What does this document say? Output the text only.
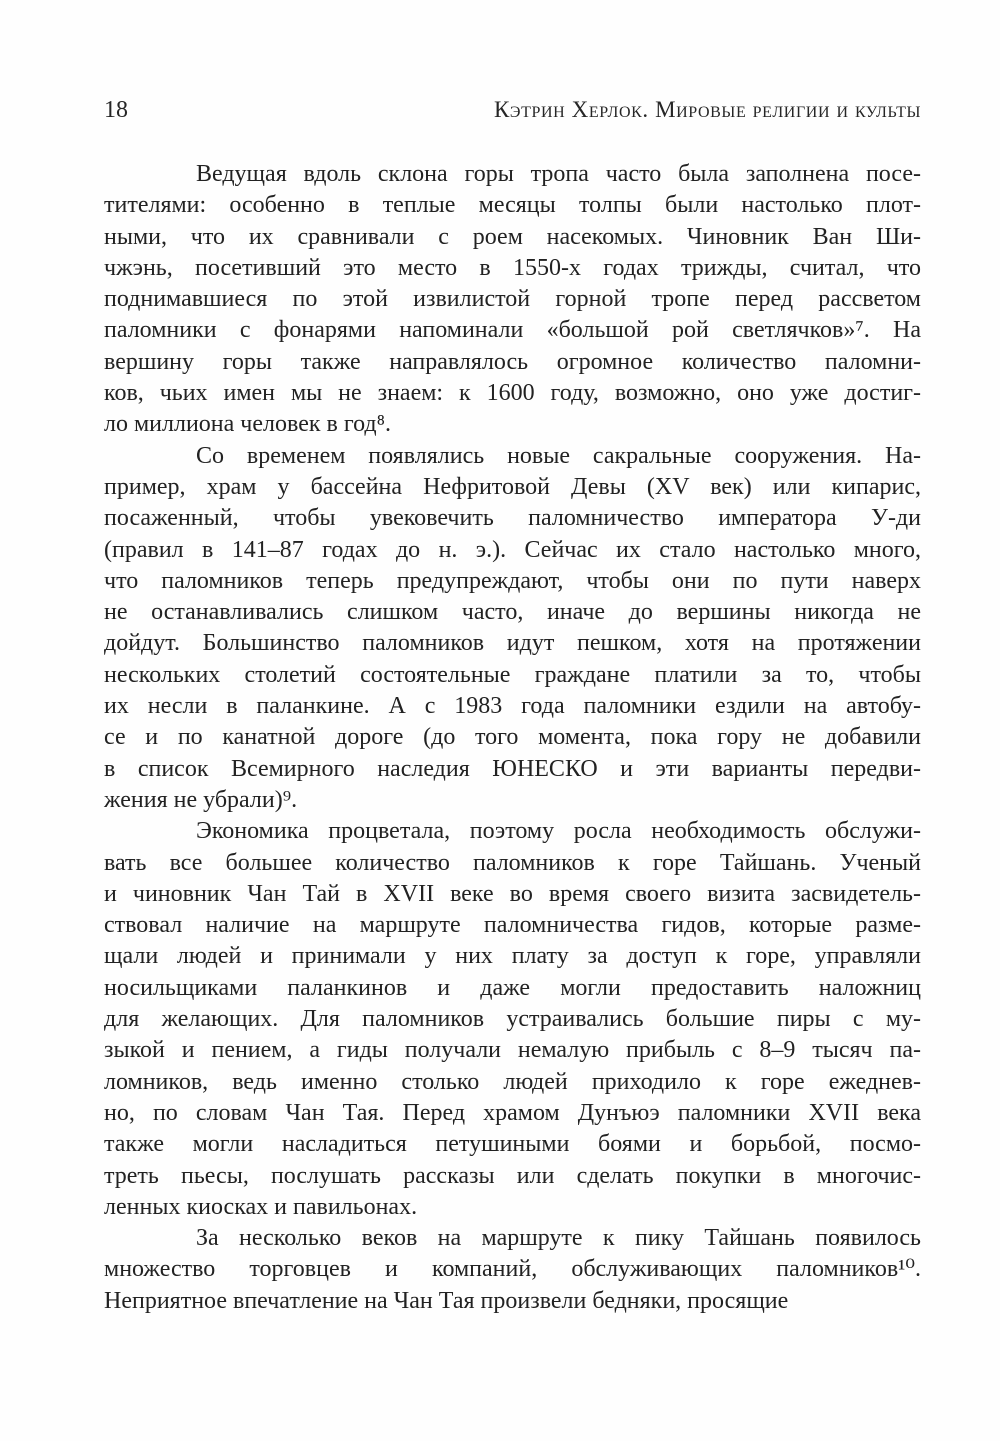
18	Кэтрин Херлок. Мировые религии и культы
Ведущая вдоль склона горы тропа часто была заполнена посе-
тителями: особенно в теплые месяцы толпы были настолько плот-
ными, что их сравнивали с роем насекомых. Чиновник Ван Ши-
чжэнь, посетивший это место в 1550-х годах трижды, считал, что
поднимавшиеся по этой извилистой горной тропе перед рассветом
паломники с фонарями напоминали «большой рой светлячков»⁷. На
вершину горы также направлялось огромное количество паломни-
ков, чьих имен мы не знаем: к 1600 году, возможно, оно уже достиг-
ло миллиона человек в год⁸.
Со временем появлялись новые сакральные сооружения. На-
пример, храм у бассейна Нефритовой Девы (XV век) или кипарис,
посаженный, чтобы увековечить паломничество императора У-ди
(правил в 141–87 годах до н. э.). Сейчас их стало настолько много,
что паломников теперь предупреждают, чтобы они по пути наверх
не останавливались слишком часто, иначе до вершины никогда не
дойдут. Большинство паломников идут пешком, хотя на протяжении
нескольких столетий состоятельные граждане платили за то, чтобы
их несли в паланкине. А с 1983 года паломники ездили на автобу-
се и по канатной дороге (до того момента, пока гору не добавили
в список Всемирного наследия ЮНЕСКО и эти варианты передви-
жения не убрали)⁹.
Экономика процветала, поэтому росла необходимость обслужи-
вать все большее количество паломников к горе Тайшань. Ученый
и чиновник Чан Тай в XVII веке во время своего визита засвидетель-
ствовал наличие на маршруте паломничества гидов, которые разме-
щали людей и принимали у них плату за доступ к горе, управляли
носильщиками паланкинов и даже могли предоставить наложниц
для желающих. Для паломников устраивались большие пиры с му-
зыкой и пением, а гиды получали немалую прибыль с 8–9 тысяч па-
ломников, ведь именно столько людей приходило к горе ежеднев-
но, по словам Чан Тая. Перед храмом Дунъюэ паломники XVII века
также могли насладиться петушиными боями и борьбой, посмо-
треть пьесы, послушать рассказы или сделать покупки в многочис-
ленных киосках и павильонах.
За несколько веков на маршруте к пику Тайшань появилось
множество торговцев и компаний, обслуживающих паломников¹⁰.
Неприятное впечатление на Чан Тая произвели бедняки, просящие
